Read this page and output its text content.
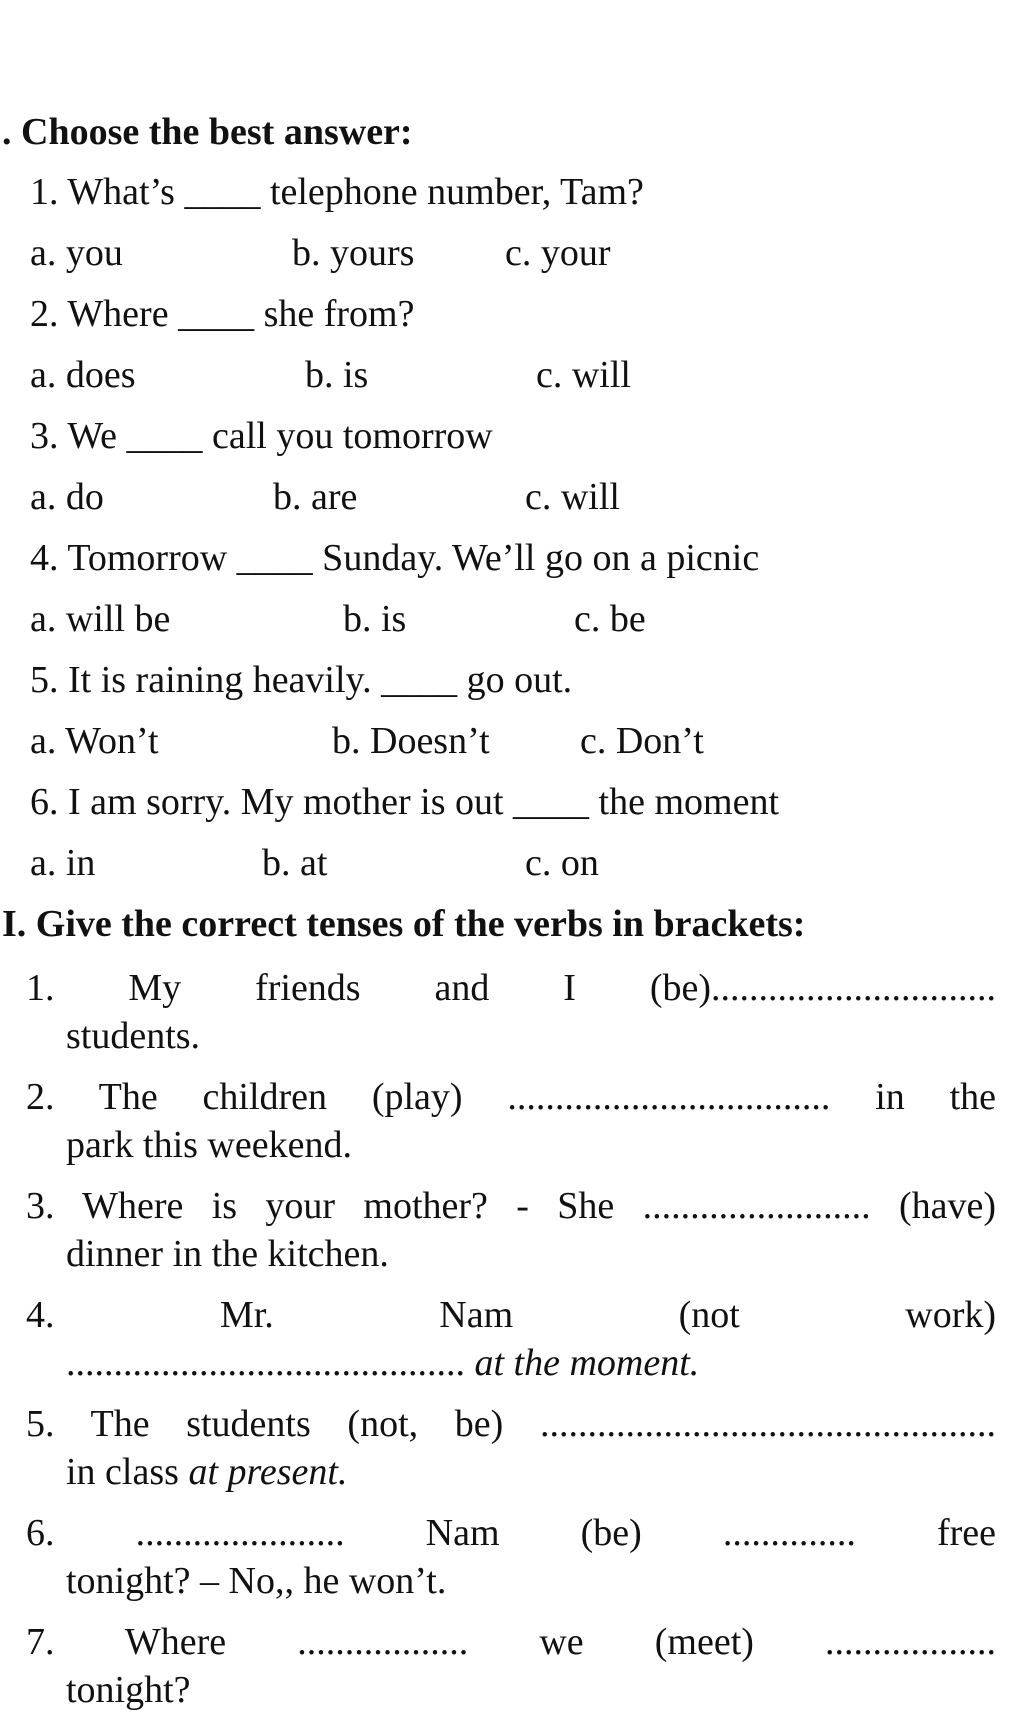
. Choose the best answer:
1. What’s ____ telephone number, Tam?
a. you	b. yours c. your
2. Where ____ she from?
a. does	b. is	c. will
3. We ____ call you tomorrow
a. do	b. are	c. will
4. Tomorrow ____ Sunday. We’ll go on a picnic
a. will be	b. is	c. be
5. It is raining heavily. ____ go out.
a. Won’t	b. Doesn’t c. Don’t
6. I am sorry. My mother is out ____ the moment
a. in	b. at	c. on
I. Give the correct tenses of the verbs in brackets:
1. My friends and I (be)..............................
students.
2. The children (play) .................................. in the
park this weekend.
3. Where is your mother? - She ........................ (have)
dinner in the kitchen.
4.	Mr.	Nam	(not	work)
.......................................... at the moment.
5. The students (not, be) ................................................
in class at present.
6. ...................... Nam (be) .............. free
tonight? – No,, he won’t.
7. Where .................. we (meet) ..................
tonight?
